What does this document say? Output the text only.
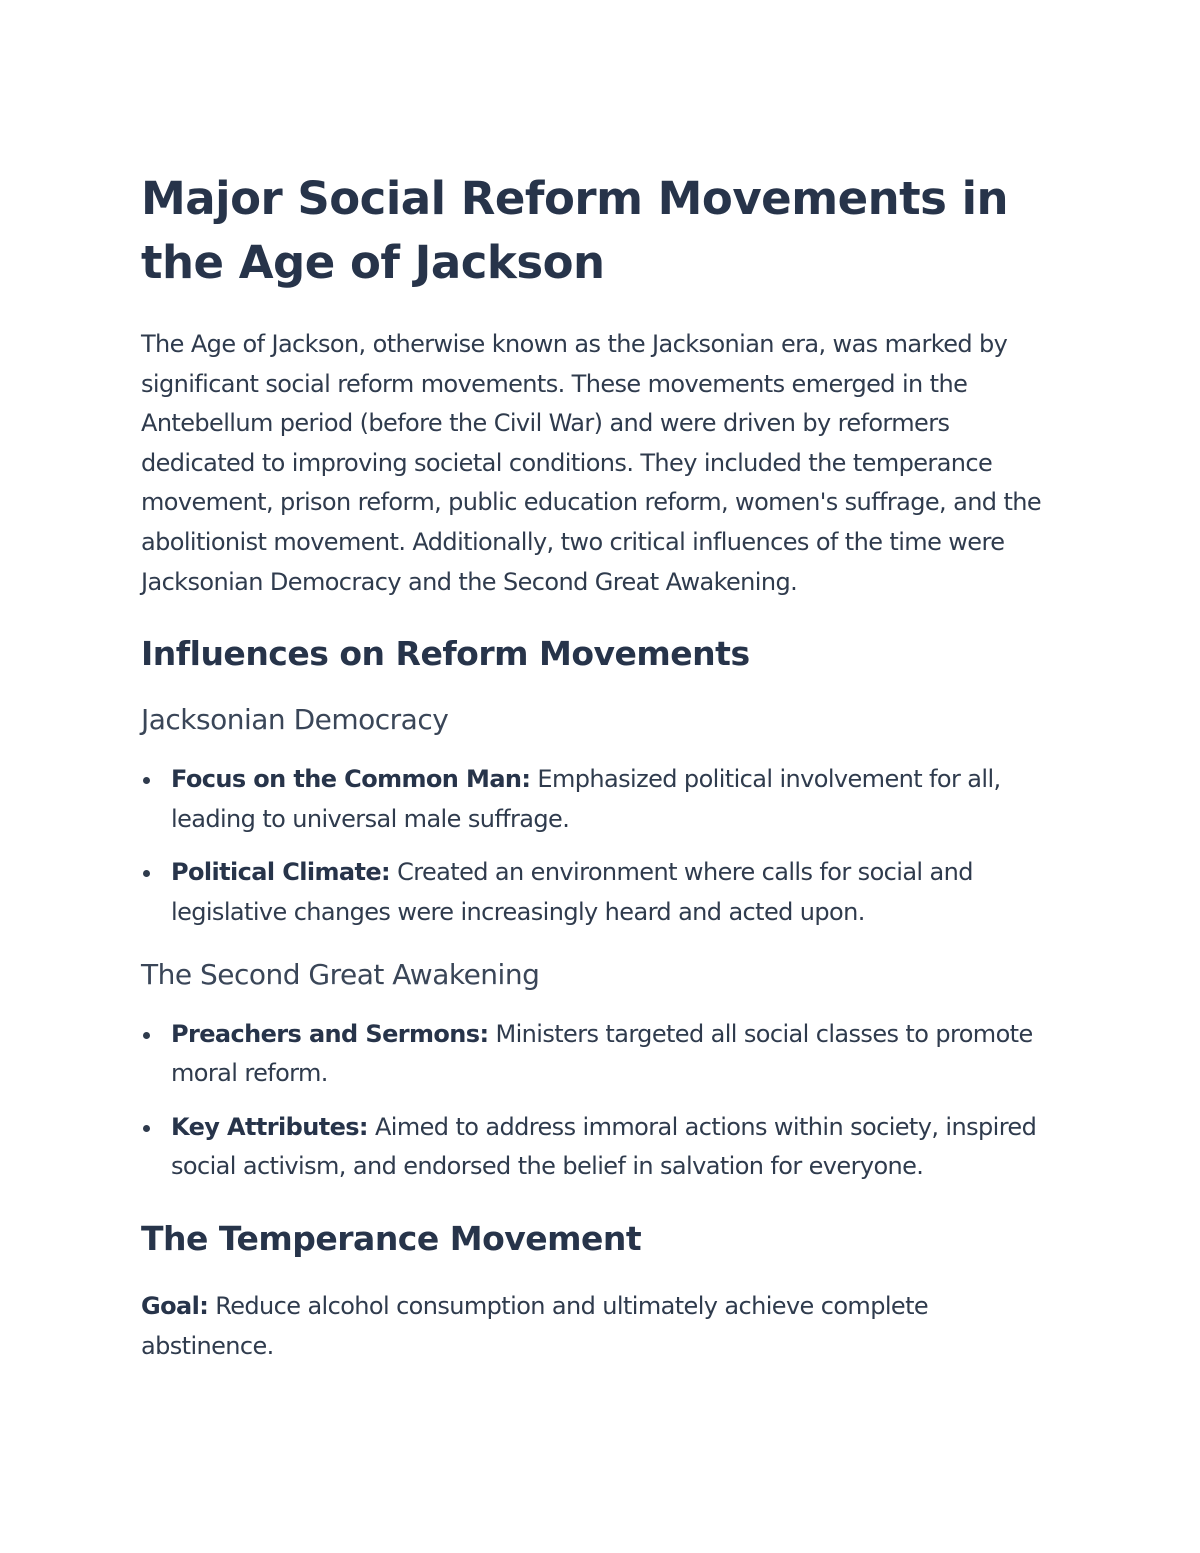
Major Social Reform Movements in the Age of Jackson

The Age of Jackson, otherwise known as the Jacksonian era, was marked by significant social reform movements. These movements emerged in the Antebellum period (before the Civil War) and were driven by reformers dedicated to improving societal conditions. They included the temperance movement, prison reform, public education reform, women's suffrage, and the abolitionist movement. Additionally, two critical influences of the time were Jacksonian Democracy and the Second Great Awakening.

Influences on Reform Movements
Jacksonian Democracy
Focus on the Common Man: Emphasized political involvement for all, leading to universal male suffrage.
Political Climate: Created an environment where calls for social and legislative changes were increasingly heard and acted upon.
The Second Great Awakening
Preachers and Sermons: Ministers targeted all social classes to promote moral reform.
Key Attributes: Aimed to address immoral actions within society, inspired social activism, and endorsed the belief in salvation for everyone.
The Temperance Movement

Goal: Reduce alcohol consumption and ultimately achieve complete abstinence.
